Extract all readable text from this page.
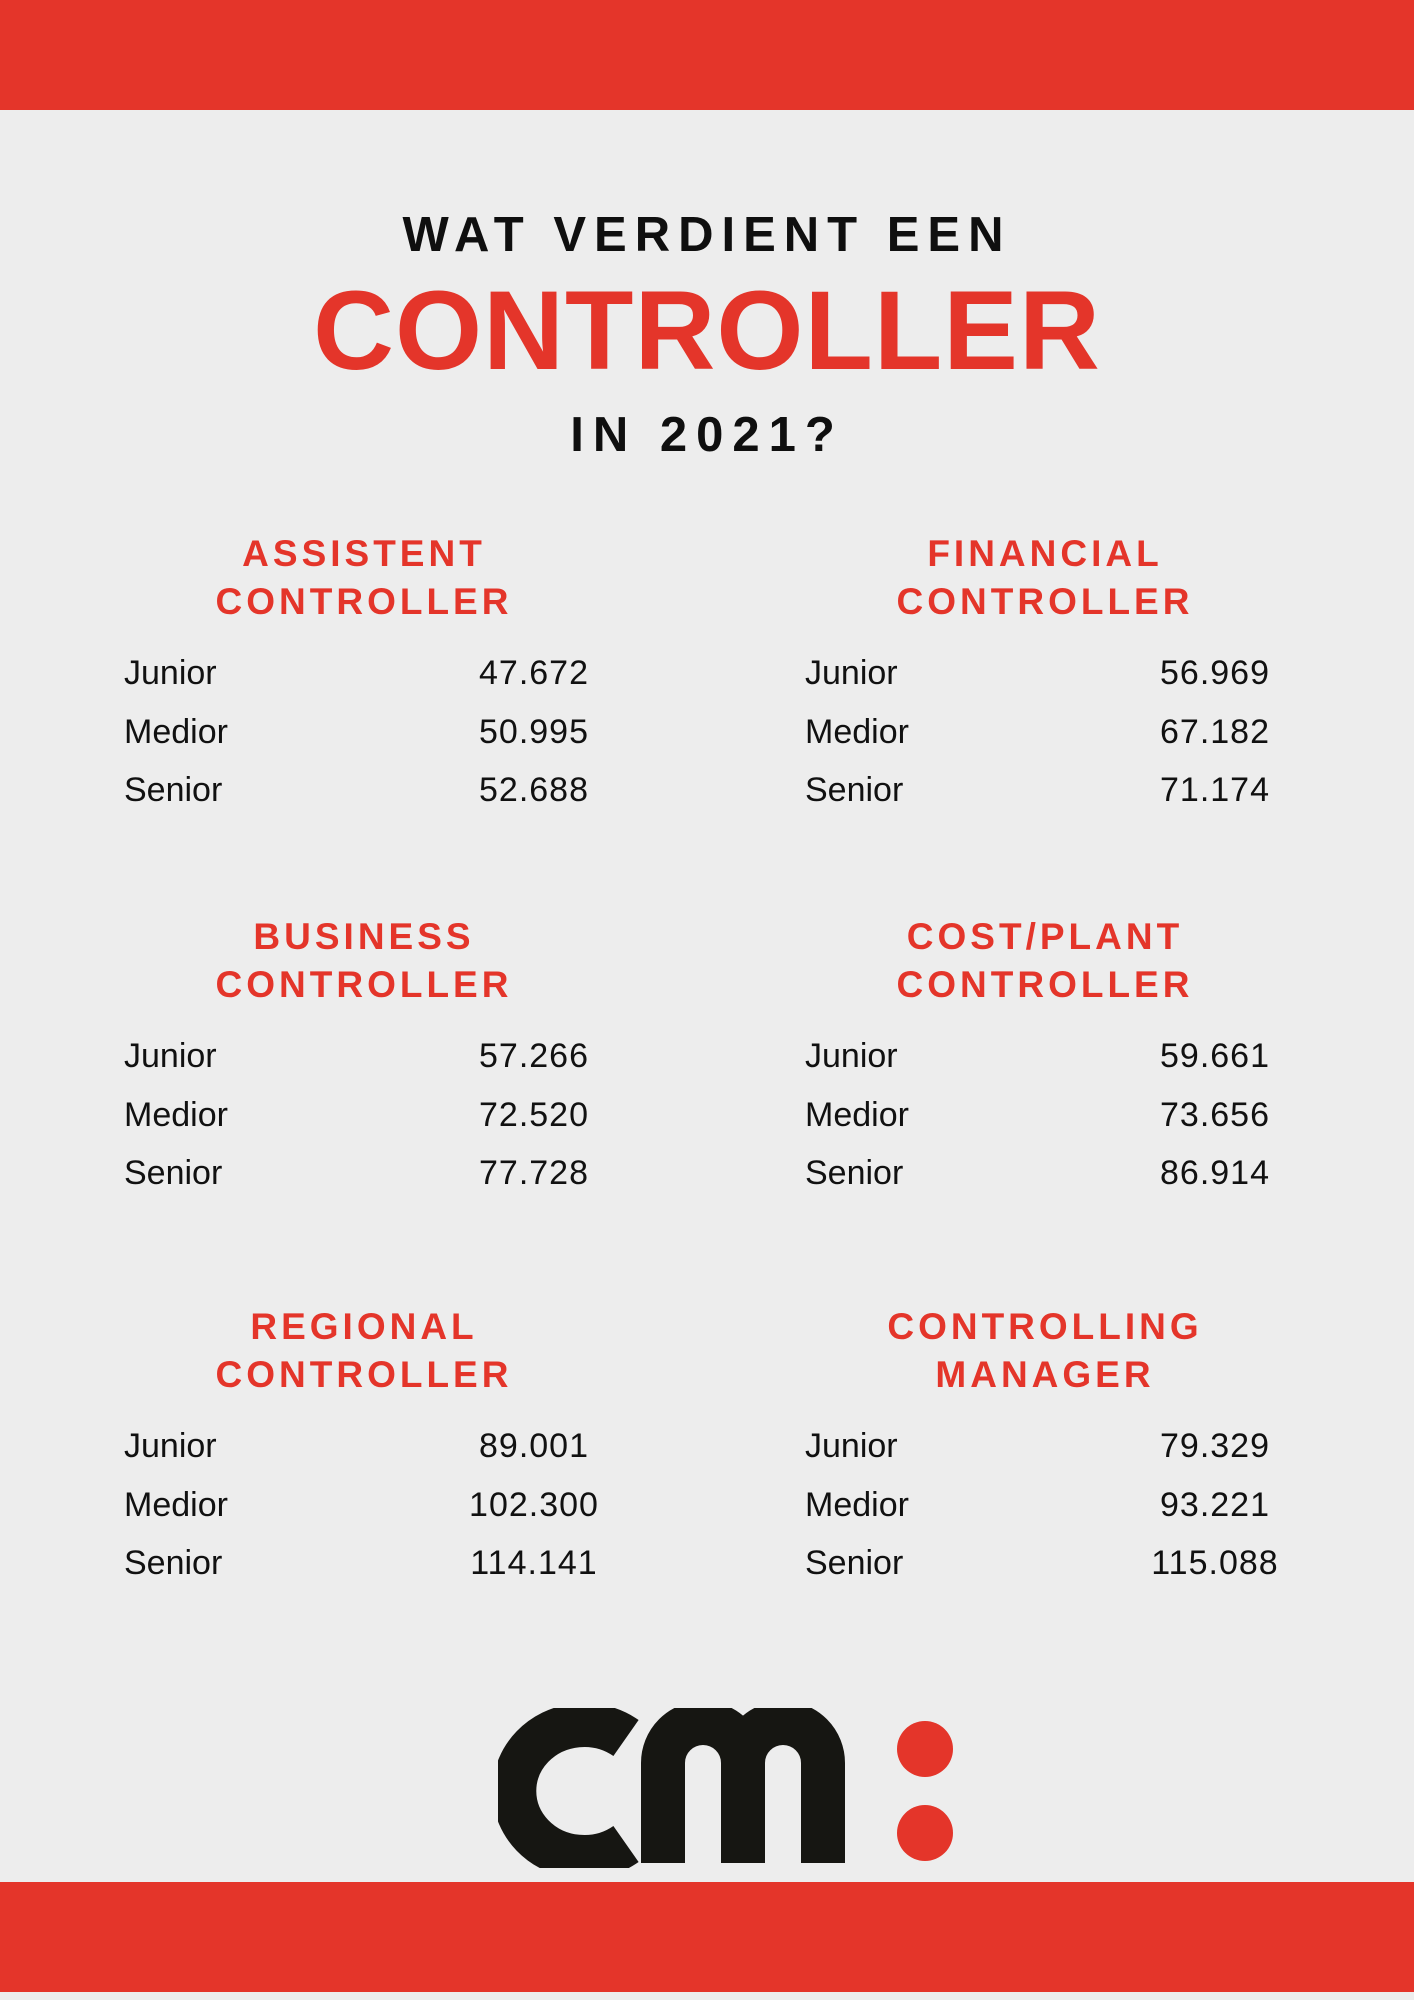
WAT VERDIENT EEN
CONTROLLER
IN 2021?
ASSISTENT
CONTROLLER
Junior	47.672
Medior	50.995
Senior	52.688
FINANCIAL
CONTROLLER
Junior	56.969
Medior	67.182
Senior	71.174
BUSINESS
CONTROLLER
Junior	57.266
Medior	72.520
Senior	77.728
COST/PLANT
CONTROLLER
Junior	59.661
Medior	73.656
Senior	86.914
REGIONAL
CONTROLLER
Junior	89.001
Medior	102.300
Senior	114.141
CONTROLLING
MANAGER
Junior	79.329
Medior	93.221
Senior	115.088
